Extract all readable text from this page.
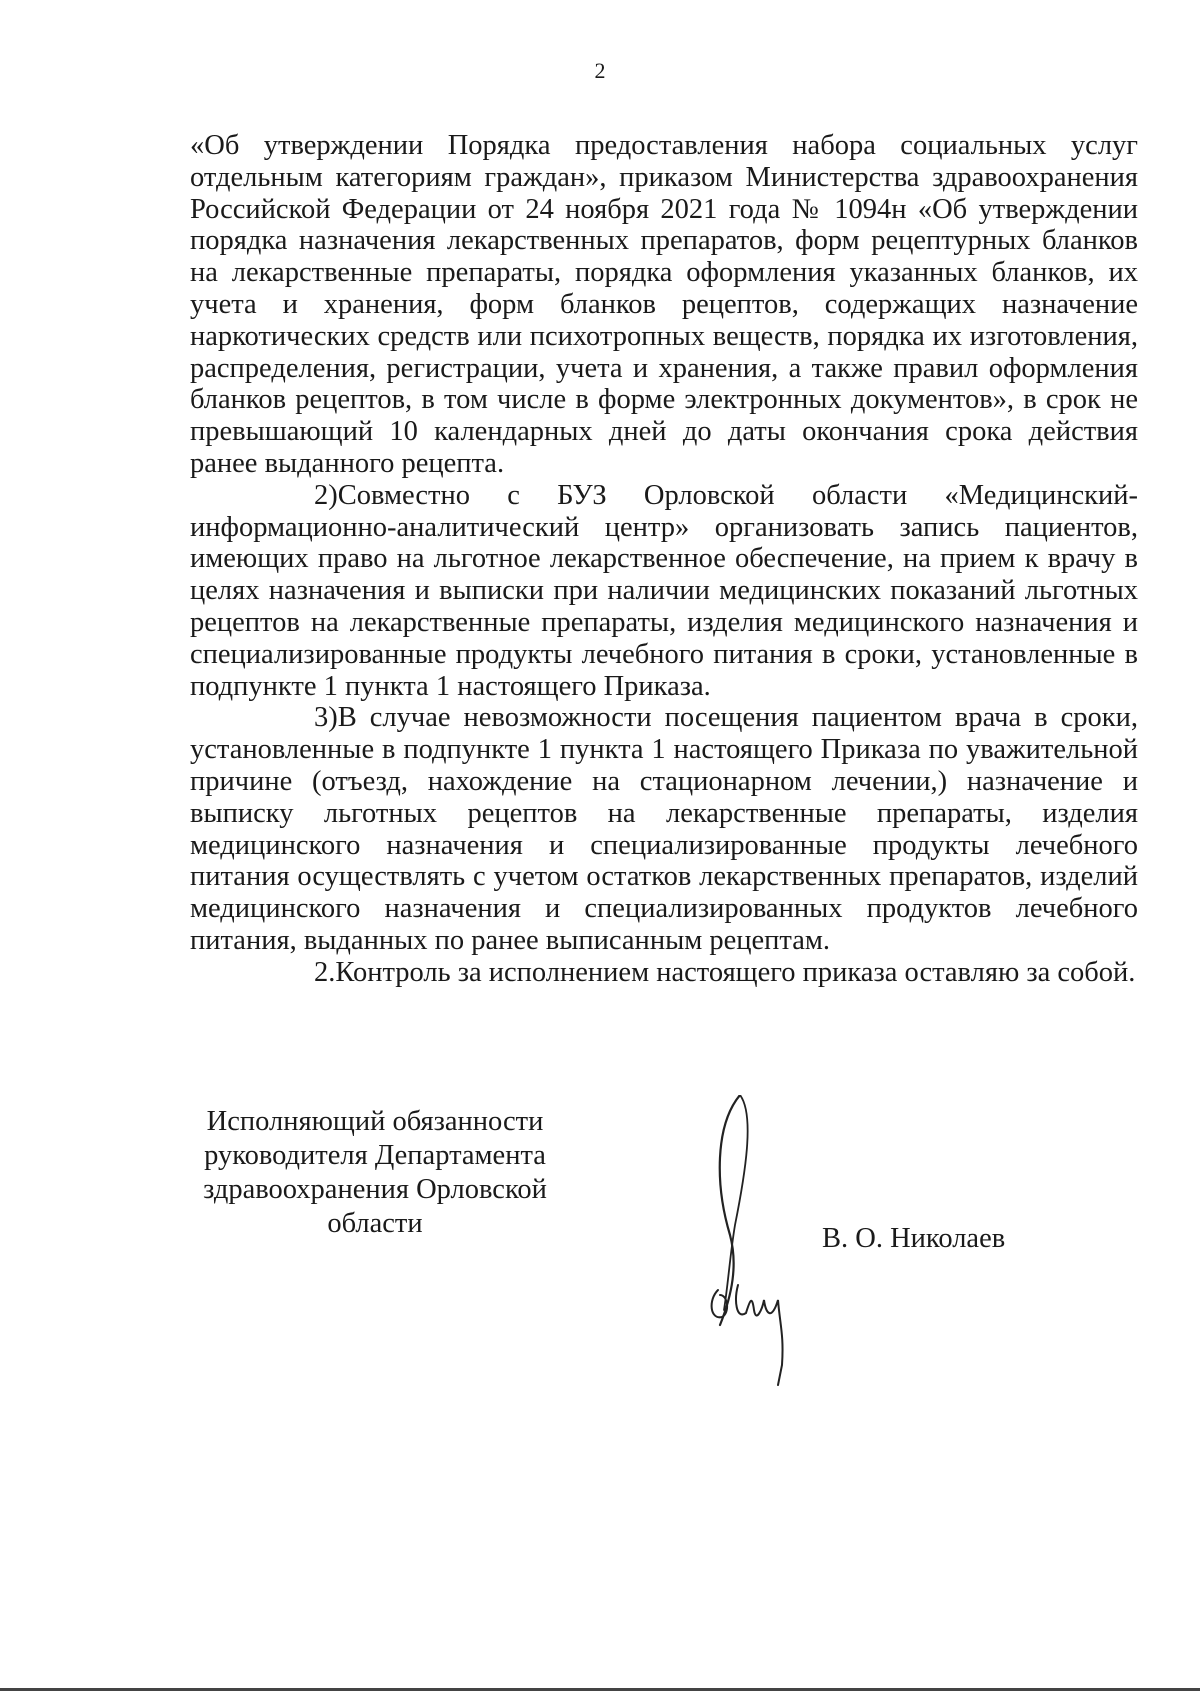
2

«Об утверждении Порядка предоставления набора социальных услуг отдельным категориям граждан», приказом Министерства здравоохранения Российской Федерации от 24 ноября 2021 года № 1094н «Об утверждении порядка назначения лекарственных препаратов, форм рецептурных бланков на лекарственные препараты, порядка оформления указанных бланков, их учета и хранения, форм бланков рецептов, содержащих назначение наркотических средств или психотропных веществ, порядка их изготовления, распределения, регистрации, учета и хранения, а также правил оформления бланков рецептов, в том числе в форме электронных документов», в срок не превышающий 10 календарных дней до даты окончания срока действия ранее выданного рецепта.

2)Совместно с БУЗ Орловской области «Медицинский-информационно-аналитический центр» организовать запись пациентов, имеющих право на льготное лекарственное обеспечение, на прием к врачу в целях назначения и выписки при наличии медицинских показаний льготных рецептов на лекарственные препараты, изделия медицинского назначения и специализированные продукты лечебного питания в сроки, установленные в подпункте 1 пункта 1 настоящего Приказа.

3)В случае невозможности посещения пациентом врача в сроки, установленные в подпункте 1 пункта 1 настоящего Приказа по уважительной причине (отъезд, нахождение на стационарном лечении,) назначение и выписку льготных рецептов на лекарственные препараты, изделия медицинского назначения и специализированные продукты лечебного питания осуществлять с учетом остатков лекарственных препаратов, изделий медицинского назначения и специализированных продуктов лечебного питания, выданных по ранее выписанным рецептам.

2.Контроль за исполнением настоящего приказа оставляю за собой.

Исполняющий обязанности
руководителя Департамента
здравоохранения Орловской
области	В. О. Николаев
